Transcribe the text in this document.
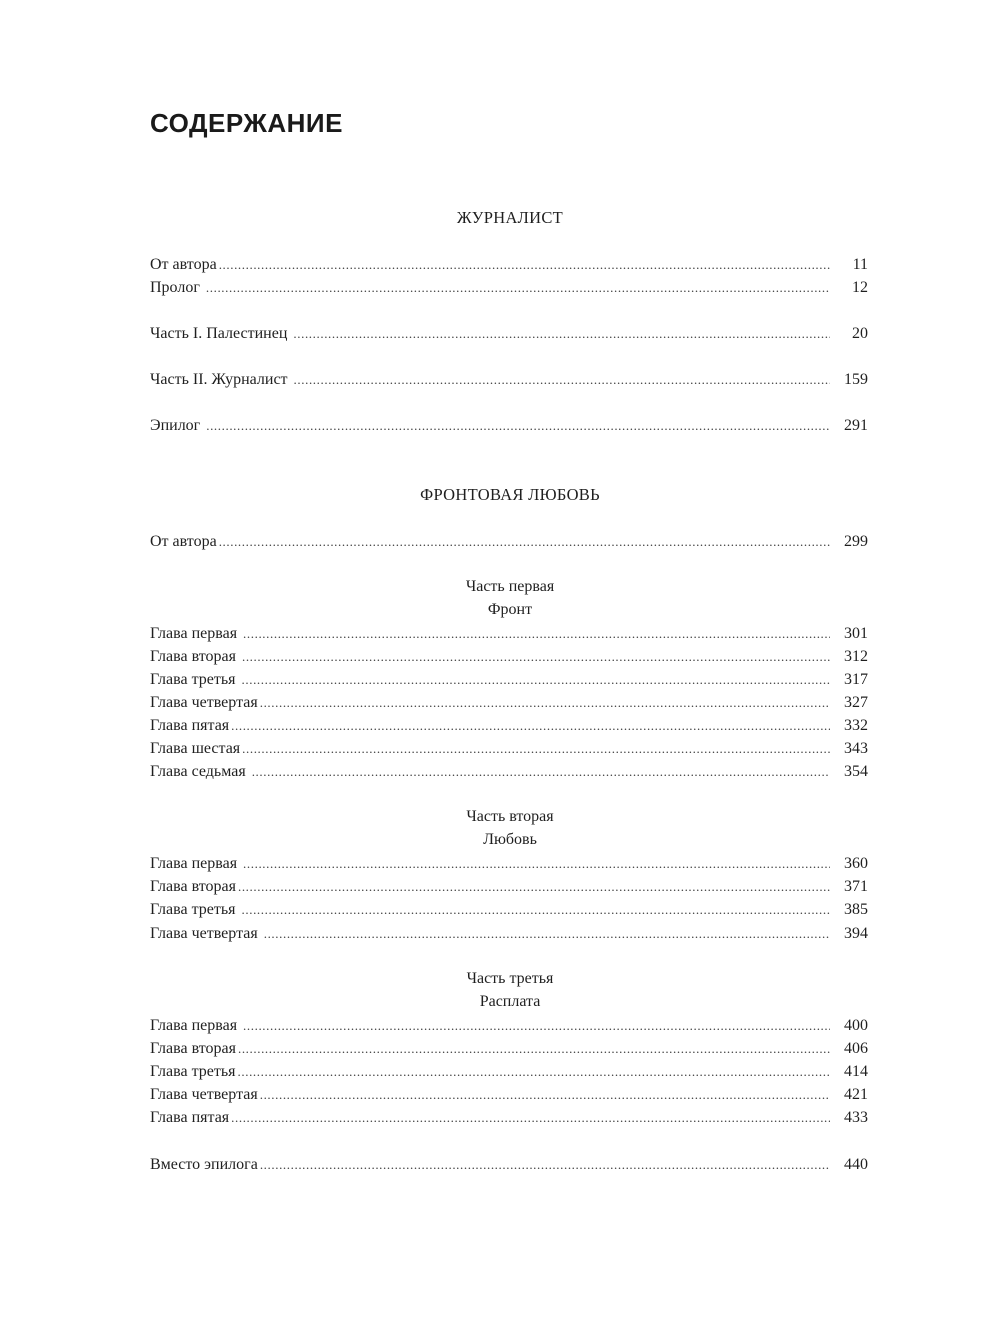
СОДЕРЖАНИЕ
ЖУРНАЛИСТ
От автора .....	11
Пролог .....	12
Часть I. Палестинец .....	20
Часть II. Журналист .....	159
Эпилог .....	291
ФРОНТОВАЯ ЛЮБОВЬ
От автора .....	299
Часть первая
Фронт
Глава первая .....	301
Глава вторая .....	312
Глава третья .....	317
Глава четвертая .....	327
Глава пятая .....	332
Глава шестая .....	343
Глава седьмая .....	354
Часть вторая
Любовь
Глава первая .....	360
Глава вторая .....	371
Глава третья .....	385
Глава четвертая .....	394
Часть третья
Расплата
Глава первая .....	400
Глава вторая .....	406
Глава третья .....	414
Глава четвертая .....	421
Глава пятая .....	433
Вместо эпилога .....	440
